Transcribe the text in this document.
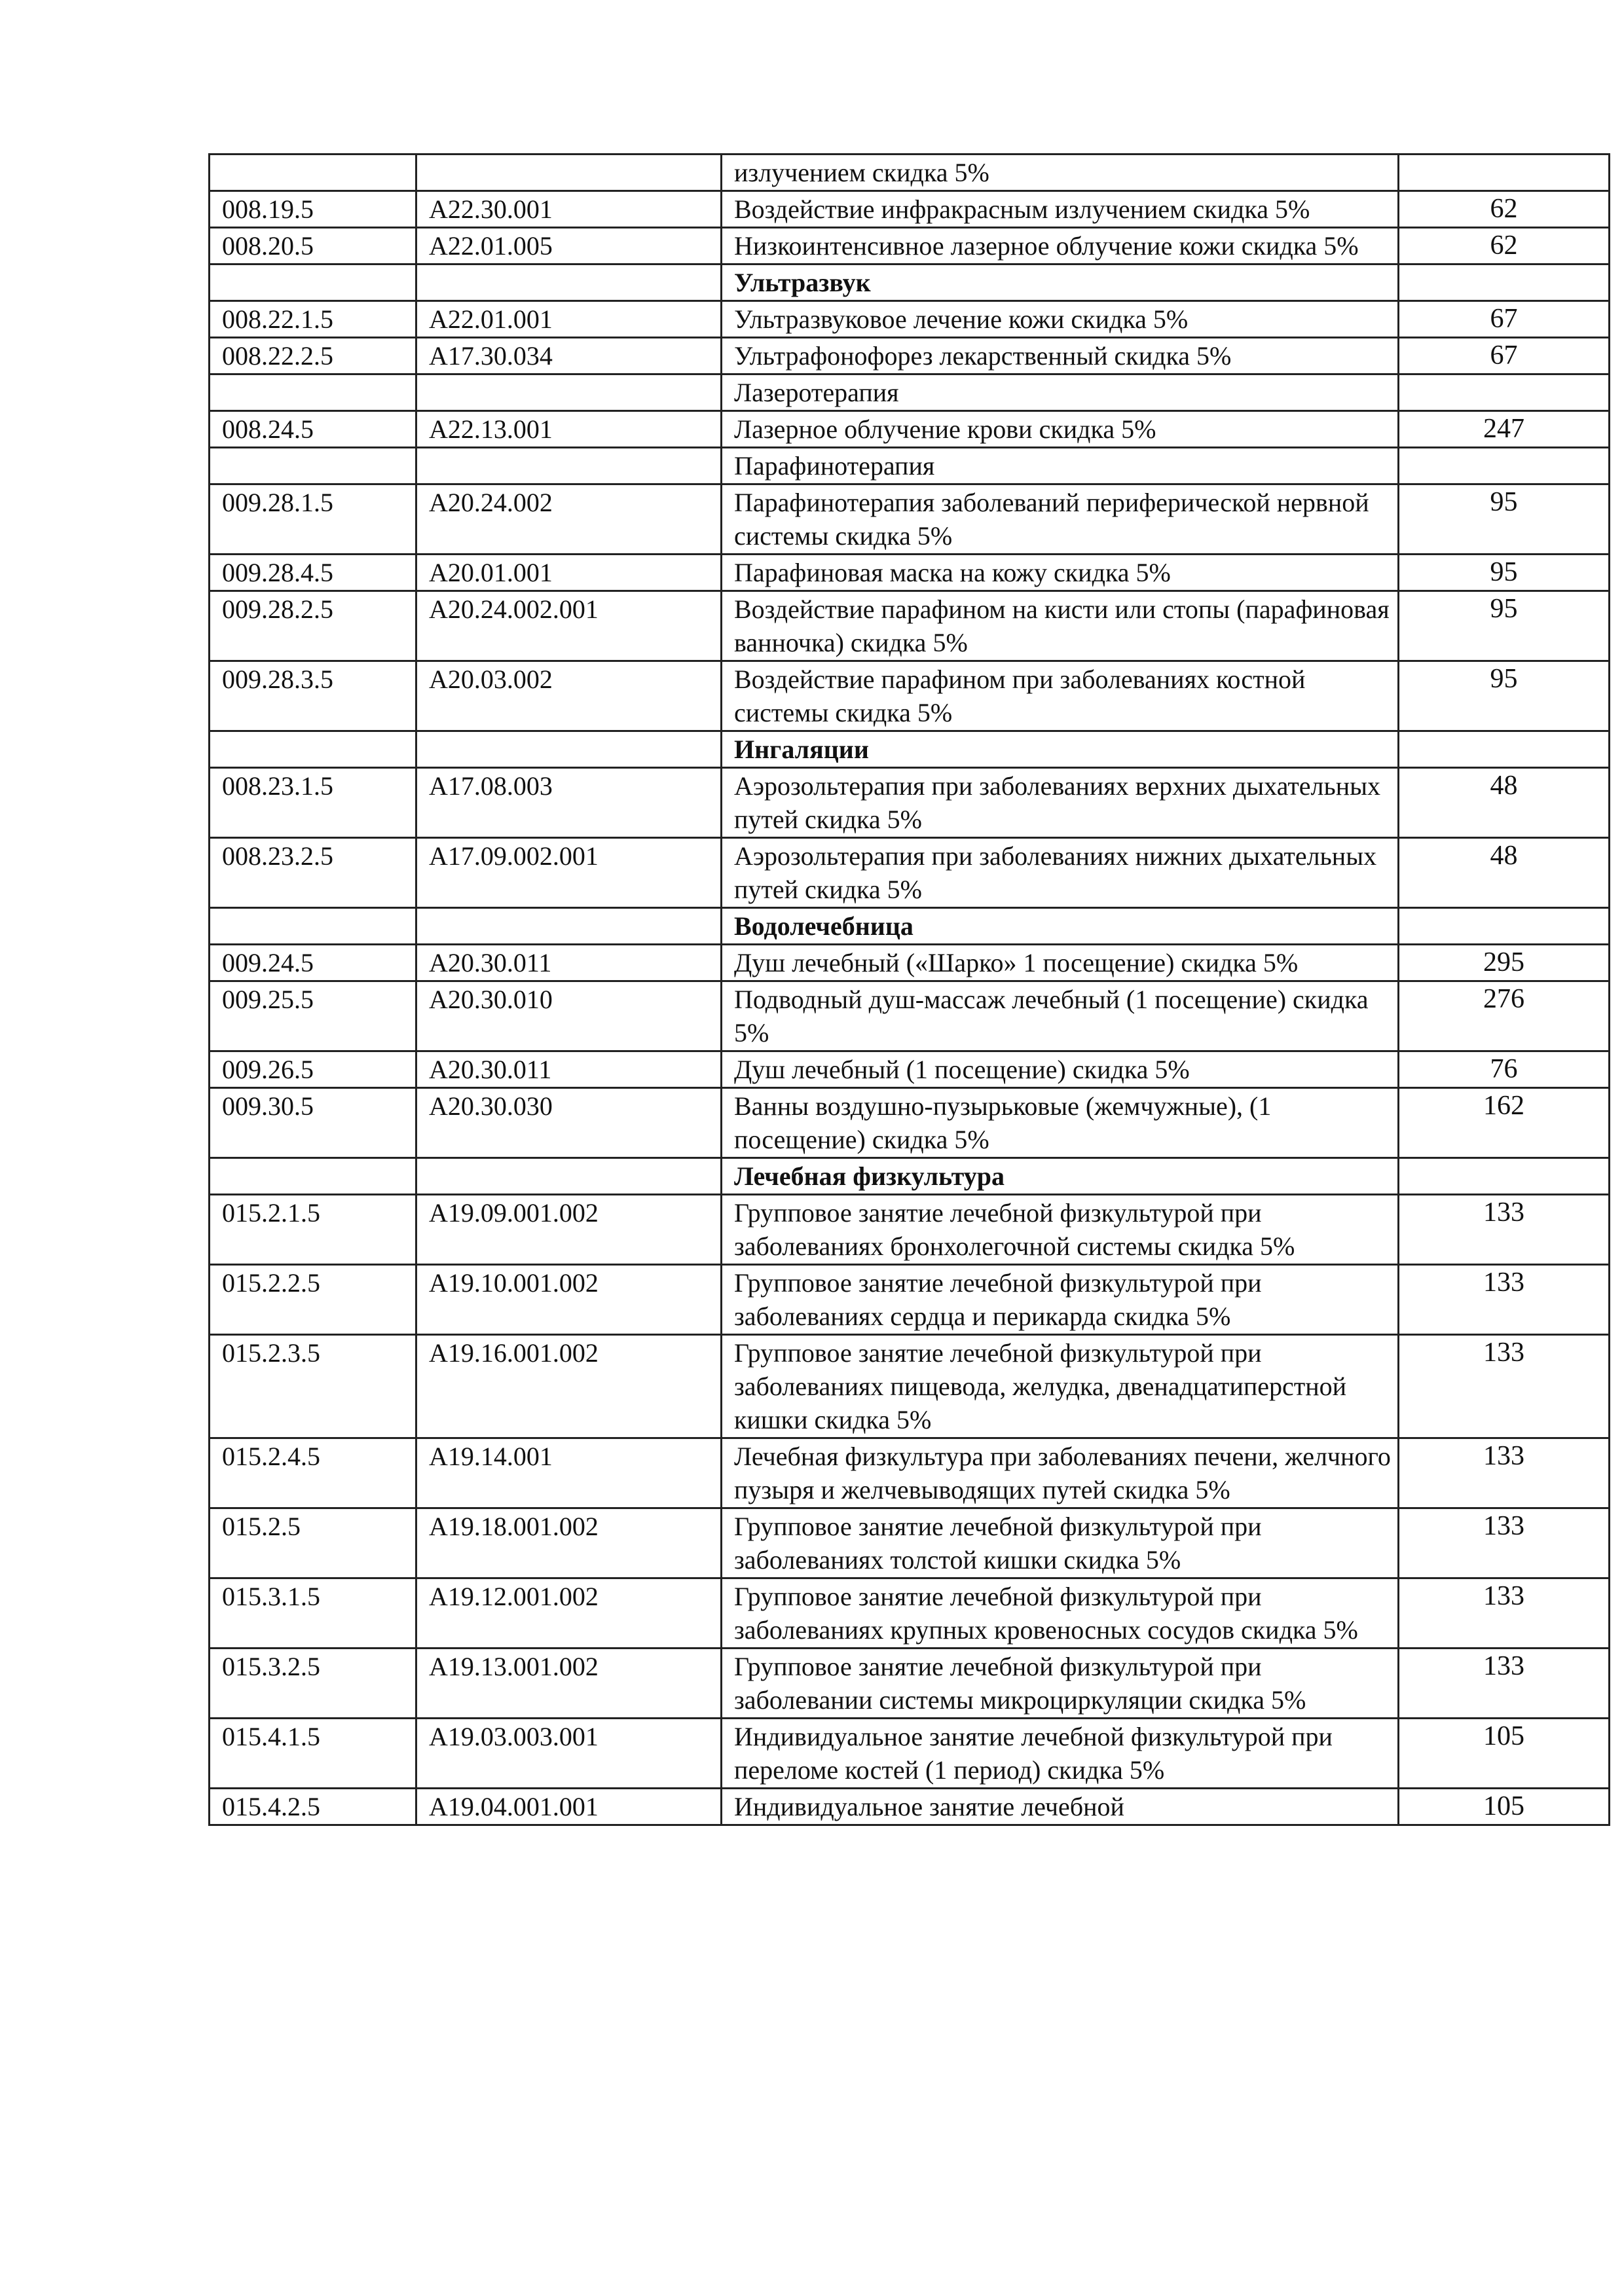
		излучением скидка 5%	
008.19.5	A22.30.001	Воздействие инфракрасным излучением скидка 5%	62
008.20.5	A22.01.005	Низкоинтенсивное лазерное облучение кожи скидка 5%	62
		Ультразвук	
008.22.1.5	A22.01.001	Ультразвуковое лечение кожи скидка 5%	67
008.22.2.5	A17.30.034	Ультрафонофорез лекарственный скидка 5%	67
		Лазеротерапия	
008.24.5	A22.13.001	Лазерное облучение крови скидка 5%	247
		Парафинотерапия	
009.28.1.5	A20.24.002	Парафинотерапия заболеваний периферической нервной системы скидка 5%	95
009.28.4.5	A20.01.001	Парафиновая маска на кожу скидка 5%	95
009.28.2.5	A20.24.002.001	Воздействие парафином на кисти или стопы (парафиновая ванночка) скидка 5%	95
009.28.3.5	A20.03.002	Воздействие парафином при заболеваниях костной системы скидка 5%	95
		Ингаляции	
008.23.1.5	A17.08.003	Аэрозольтерапия при заболеваниях верхних дыхательных путей скидка 5%	48
008.23.2.5	A17.09.002.001	Аэрозольтерапия при заболеваниях нижних дыхательных путей скидка 5%	48
		Водолечебница	
009.24.5	A20.30.011	Душ лечебный («Шарко» 1 посещение) скидка 5%	295
009.25.5	A20.30.010	Подводный душ-массаж лечебный (1 посещение) скидка 5%	276
009.26.5	A20.30.011	Душ лечебный (1 посещение) скидка 5%	76
009.30.5	A20.30.030	Ванны воздушно-пузырьковые (жемчужные), (1 посещение) скидка 5%	162
		Лечебная физкультура	
015.2.1.5	A19.09.001.002	Групповое занятие лечебной физкультурой при заболеваниях бронхолегочной системы скидка 5%	133
015.2.2.5	A19.10.001.002	Групповое занятие лечебной физкультурой при заболеваниях сердца и перикарда скидка 5%	133
015.2.3.5	A19.16.001.002	Групповое занятие лечебной физкультурой при заболеваниях пищевода, желудка, двенадцатиперстной кишки скидка 5%	133
015.2.4.5	A19.14.001	Лечебная физкультура при заболеваниях печени, желчного пузыря и желчевыводящих путей скидка 5%	133
015.2.5	A19.18.001.002	Групповое занятие лечебной физкультурой при заболеваниях толстой кишки скидка 5%	133
015.3.1.5	A19.12.001.002	Групповое занятие лечебной физкультурой при заболеваниях крупных кровеносных сосудов скидка 5%	133
015.3.2.5	A19.13.001.002	Групповое занятие лечебной физкультурой при заболевании системы микроциркуляции скидка 5%	133
015.4.1.5	A19.03.003.001	Индивидуальное занятие лечебной физкультурой при переломе костей (1 период) скидка 5%	105
015.4.2.5	A19.04.001.001	Индивидуальное занятие лечебной	105
